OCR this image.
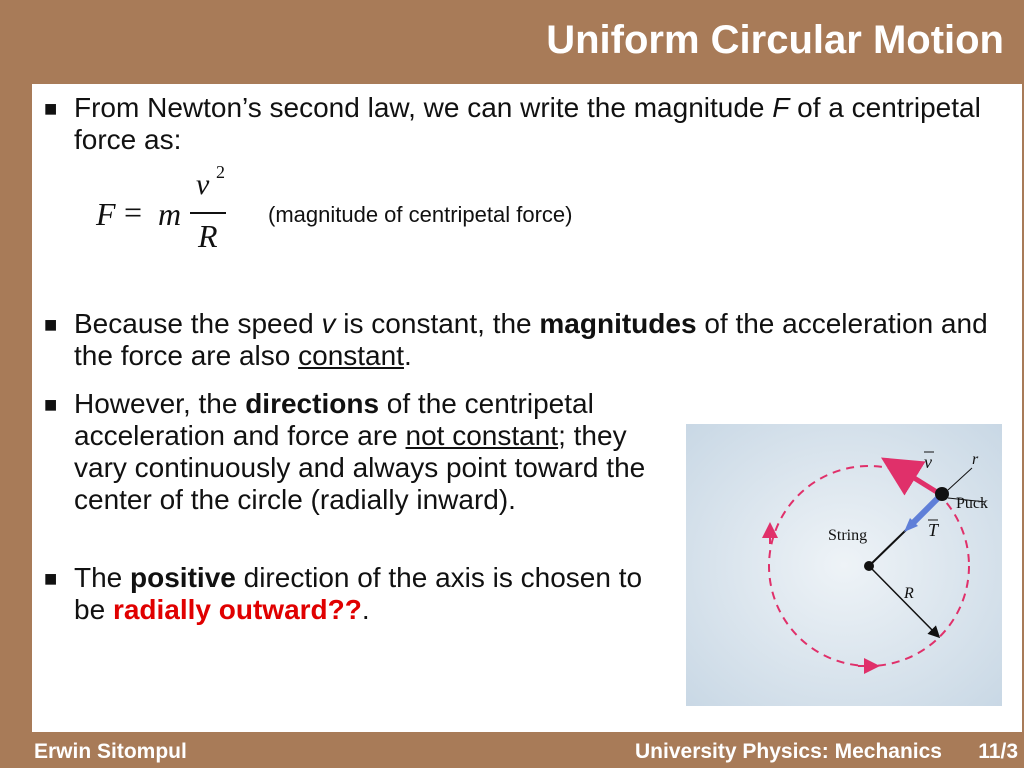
Uniform Circular Motion
■ From Newton’s second law, we can write the magnitude F of a centripetal force as:
F = m
v 2
R
(magnitude of centripetal force)
■ Because the speed v is constant, the magnitudes of the acceleration and the force are also constant.
■ However, the directions of the centripetal acceleration and force are not constant; they vary continuously and always point toward the center of the circle (radially inward).
■ The positive direction of the axis is chosen to be radially outward??.
v	r
Puck
String	T
R
Erwin Sitompul	University Physics: Mechanics 11/3
